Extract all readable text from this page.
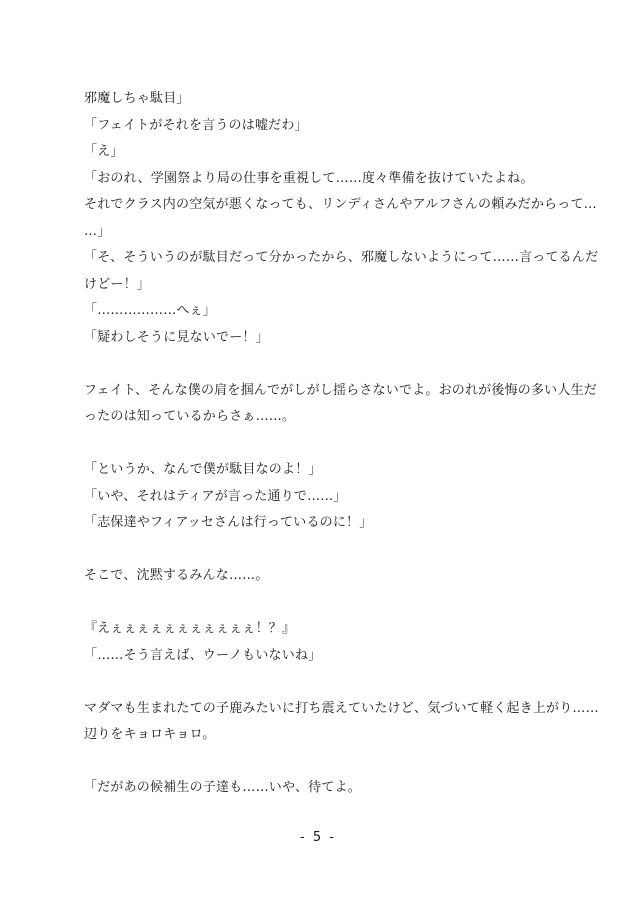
邪魔しちゃ駄目」
「フェイトがそれを言うのは嘘だわ」
「え」
「おのれ、学園祭より局の仕事を重視して……度々準備を抜けていたよね。
それでクラス内の空気が悪くなっても、リンディさんやアルフさんの頼みだからって…
…」
「そ、そういうのが駄目だって分かったから、邪魔しないようにって……言ってるんだ
けどー！」
「………………へぇ」
「疑わしそうに見ないでー！」
フェイト、そんな僕の肩を掴んでがしがし揺らさないでよ。おのれが後悔の多い人生だ
ったのは知っているからさぁ……。
「というか、なんで僕が駄目なのよ！」
「いや、それはティアが言った通りで……」
「志保達やフィアッセさんは行っているのに！」
そこで、沈黙するみんな……。
『えぇぇぇぇぇぇぇぇぇぇぇ！？』
「……そう言えば、ウーノもいないね」
マダマも生まれたての子鹿みたいに打ち震えていたけど、気づいて軽く起き上がり……
辺りをキョロキョロ。
「だがあの候補生の子達も……いや、待てよ。
- 5 -
